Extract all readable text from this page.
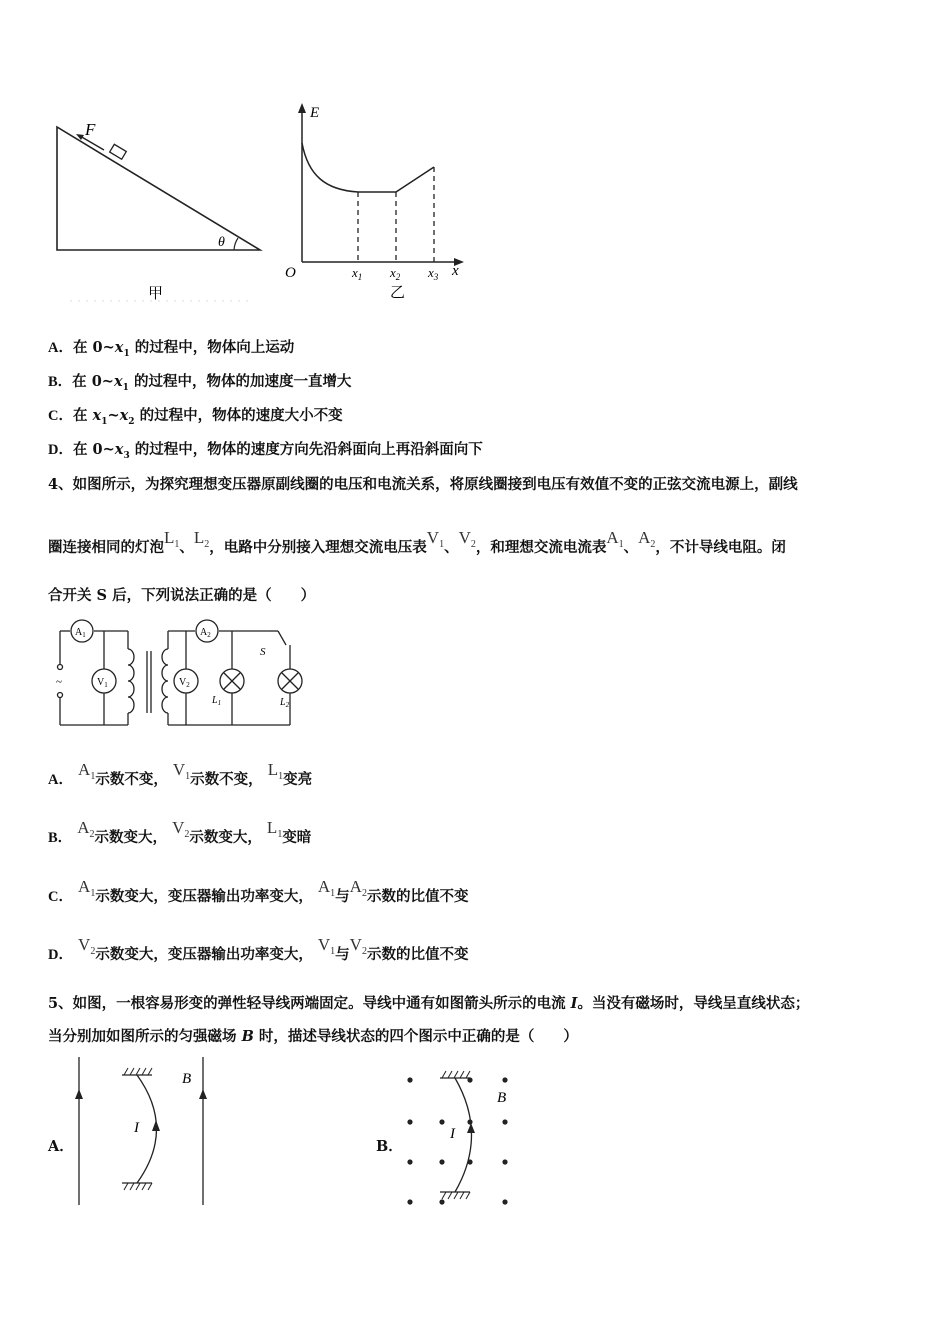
F
θ
甲
E
x
O	$x_1$ $x_2$ $x_3$
乙
A．在 $0\sim x_1$ 的过程中，物体向上运动
B．在 $0\sim x_1$ 的过程中，物体的加速度一直增大
C．在 $x_1\sim x_2$ 的过程中，物体的速度大小不变
D．在 $0\sim x_3$ 的过程中，物体的速度方向先沿斜面向上再沿斜面向下
4、如图所示，为探究理想变压器原副线圈的电压和电流关系，将原线圈接到电压有效值不变的正弦交流电源上，副线
圈连接相同的灯泡$L_1$、$L_2$，电路中分别接入理想交流电压表$V_1$、$V_2$，和理想交流电流表$A_1$、$A_2$，不计导线电阻。闭
合开关 S 后，下列说法正确的是（　　）
$A_1$	$A_2$
$V_1$	$V_2$
~
S
$L_1$	$L_2$
A． $A_1$示数不变， $V_1$示数不变， $L_1$变亮
B． $A_2$示数变大， $V_2$示数变大， $L_1$变暗
C． $A_1$示数变大，变压器输出功率变大， $A_1$与$A_2$示数的比值不变
D． $V_2$示数变大，变压器输出功率变大， $V_1$与$V_2$示数的比值不变
5、如图，一根容易形变的弹性轻导线两端固定。导线中通有如图箭头所示的电流 I。当没有磁场时，导线呈直线状态；
当分别加如图所示的匀强磁场 B 时，描述导线状态的四个图示中正确的是（　　）
A．
I
B
B．
I
B
